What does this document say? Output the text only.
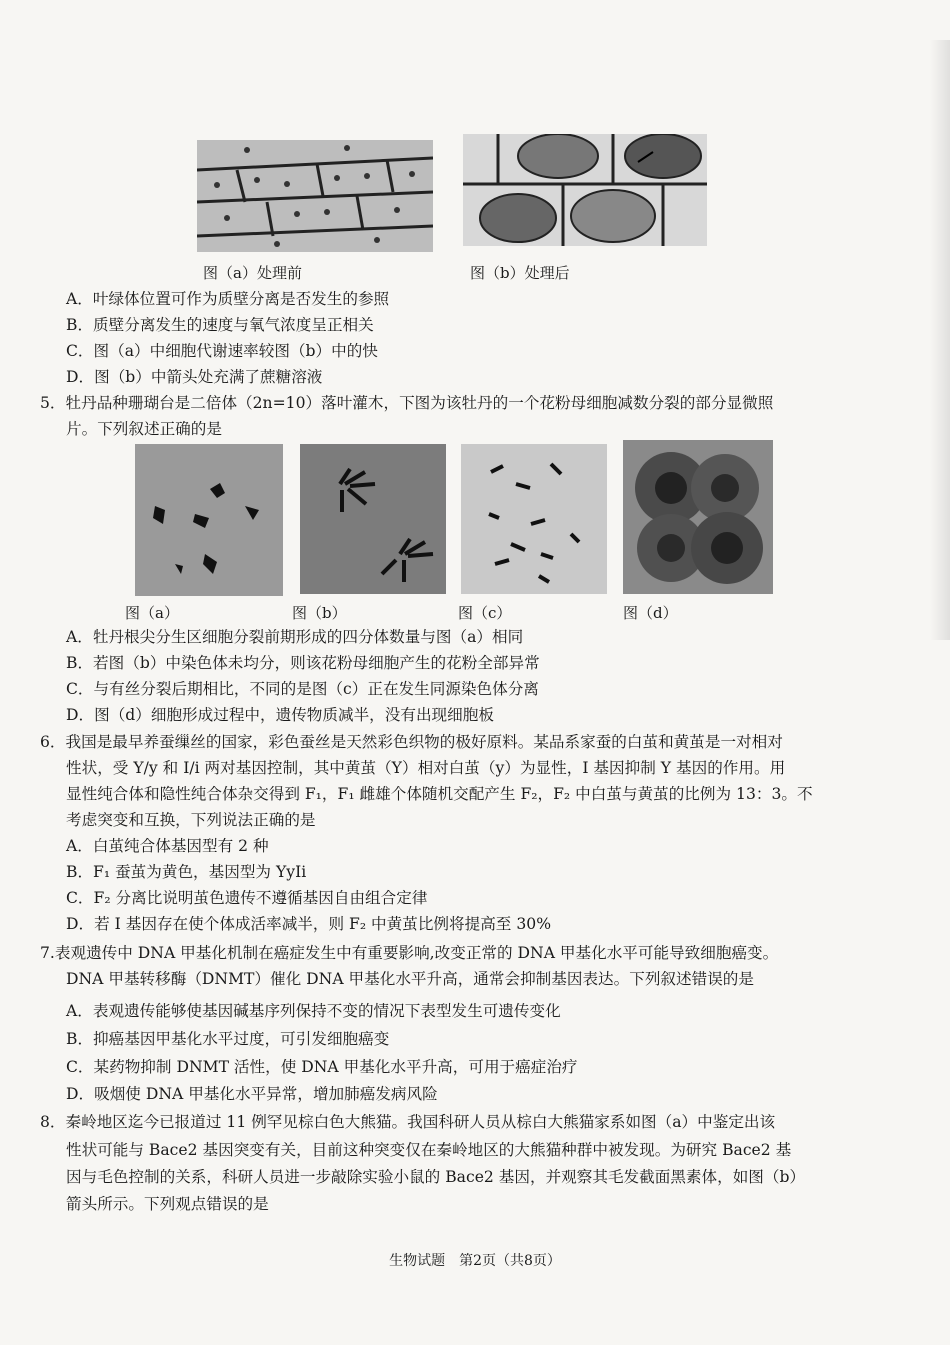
图（a）处理前	图（b）处理后
A．叶绿体位置可作为质壁分离是否发生的参照
B．质壁分离发生的速度与氧气浓度呈正相关
C．图（a）中细胞代谢速率较图（b）中的快
D．图（b）中箭头处充满了蔗糖溶液
5．牡丹品种珊瑚台是二倍体（2n=10）落叶灌木，下图为该牡丹的一个花粉母细胞减数分裂的部分显微照
片。下列叙述正确的是
图（a）	图（b）	图（c）	图（d）
A．牡丹根尖分生区细胞分裂前期形成的四分体数量与图（a）相同
B．若图（b）中染色体未均分，则该花粉母细胞产生的花粉全部异常
C．与有丝分裂后期相比，不同的是图（c）正在发生同源染色体分离
D．图（d）细胞形成过程中，遗传物质减半，没有出现细胞板
6．我国是最早养蚕缫丝的国家，彩色蚕丝是天然彩色织物的极好原料。某品系家蚕的白茧和黄茧是一对相对
性状，受 Y/y 和 I/i 两对基因控制，其中黄茧（Y）相对白茧（y）为显性，I 基因抑制 Y 基因的作用。用
显性纯合体和隐性纯合体杂交得到 F₁，F₁ 雌雄个体随机交配产生 F₂，F₂ 中白茧与黄茧的比例为 13：3。不
考虑突变和互换，下列说法正确的是
A．白茧纯合体基因型有 2 种
B．F₁ 蚕茧为黄色，基因型为 YyIi
C．F₂ 分离比说明茧色遗传不遵循基因自由组合定律
D．若 I 基因存在使个体成活率减半，则 F₂ 中黄茧比例将提高至 30%
7.表观遗传中 DNA 甲基化机制在癌症发生中有重要影响,改变正常的 DNA 甲基化水平可能导致细胞癌变。
DNA 甲基转移酶（DNMT）催化 DNA 甲基化水平升高，通常会抑制基因表达。下列叙述错误的是
A．表观遗传能够使基因碱基序列保持不变的情况下表型发生可遗传变化
B．抑癌基因甲基化水平过度，可引发细胞癌变
C．某药物抑制 DNMT 活性，使 DNA 甲基化水平升高，可用于癌症治疗
D．吸烟使 DNA 甲基化水平异常，增加肺癌发病风险
8．秦岭地区迄今已报道过 11 例罕见棕白色大熊猫。我国科研人员从棕白大熊猫家系如图（a）中鉴定出该
性状可能与 Bace2 基因突变有关，目前这种突变仅在秦岭地区的大熊猫种群中被发现。为研究 Bace2 基
因与毛色控制的关系，科研人员进一步敲除实验小鼠的 Bace2 基因，并观察其毛发截面黑素体，如图（b）
箭头所示。下列观点错误的是
生物试题　第2页（共8页）
